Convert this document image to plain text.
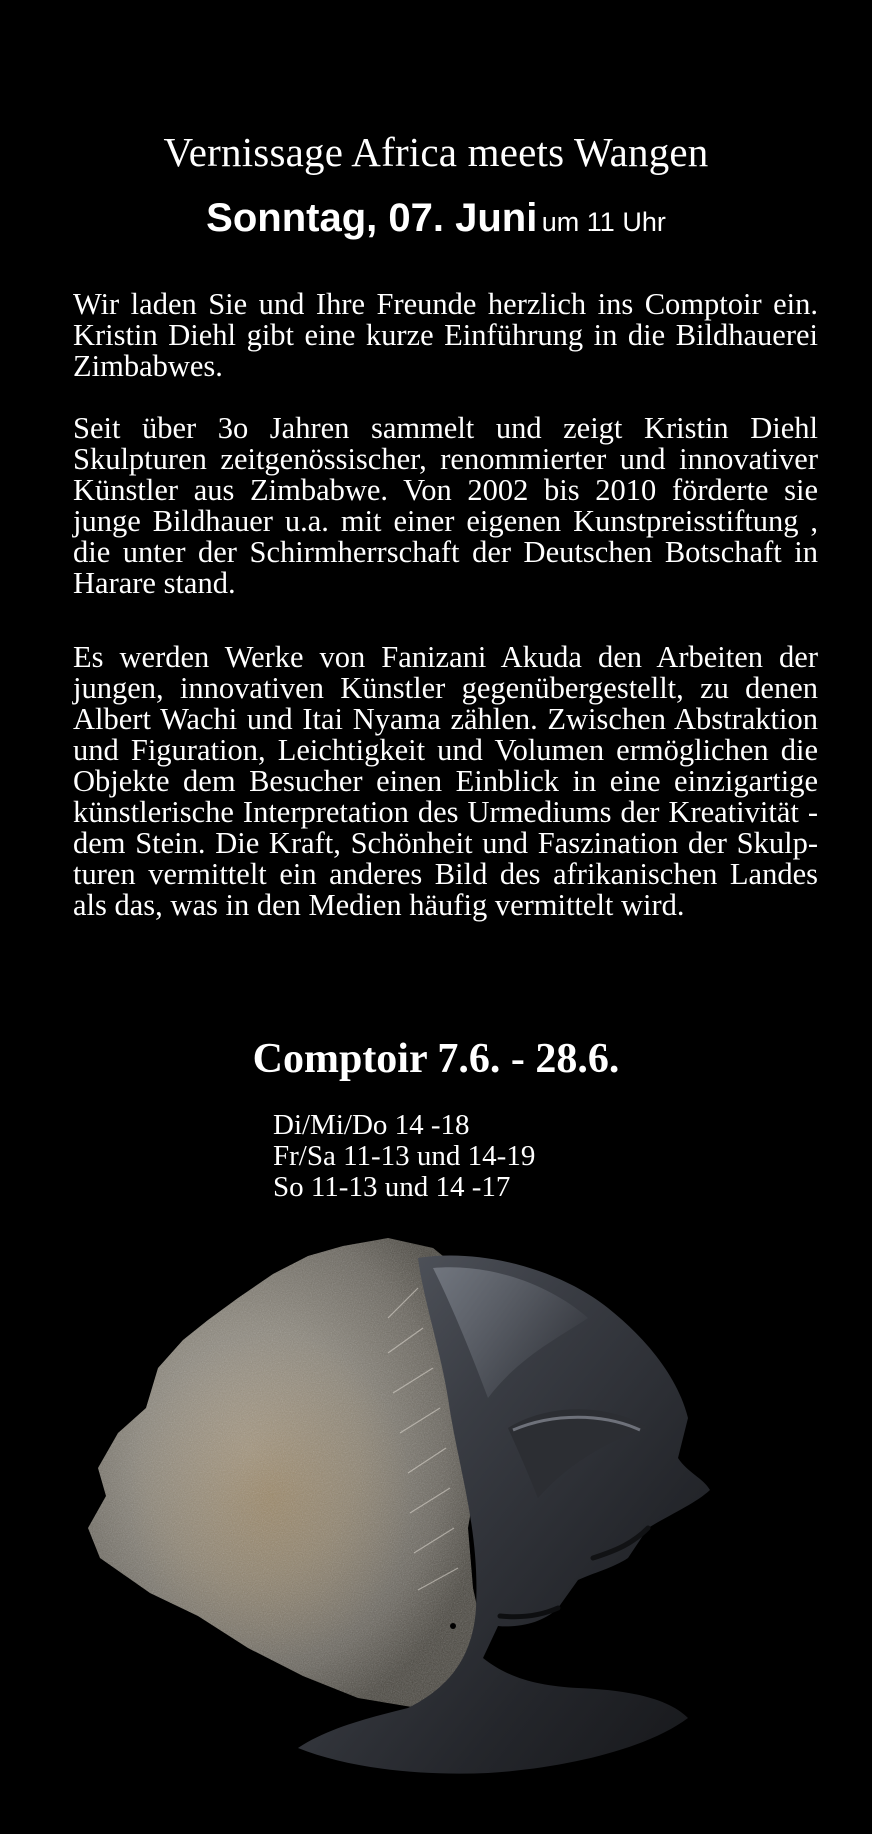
Vernissage Africa meets Wangen

Sonntag, 07. Juni um 11 Uhr

Wir laden Sie und Ihre Freunde herzlich ins Comptoir ein. Kristin Diehl gibt eine kurze Einführung in die Bildhauerei Zimbabwes.

Seit über 3o Jahren sammelt und zeigt Kristin Diehl Skulpturen zeitgenössischer, renommierter und innovativer Künstler aus Zimbabwe. Von 2002 bis 2010 förderte sie junge Bildhauer u.a. mit einer eigenen Kunstpreisstiftung , die unter der Schirmherrschaft der Deutschen Botschaft in Harare stand.

Es werden Werke von Fanizani Akuda den Arbeiten der jungen, innovativen Künstler gegenübergestellt, zu denen Albert Wachi und Itai Nyama zählen. Zwischen Abstraktion und Figuration, Leichtigkeit und Volumen ermöglichen die Objekte dem Besucher einen Einblick in eine einzigartige künstlerische Interpretation des Urmediums der Kreativität - dem Stein. Die Kraft, Schönheit und Faszination der Skulpturen vermittelt ein anderes Bild des afrikanischen Landes als das, was in den Medien häufig vermittelt wird.

Comptoir 7.6. - 28.6.
Di/Mi/Do 14 -18
Fr/Sa 11-13 und 14-19
So 11-13 und 14 -17
